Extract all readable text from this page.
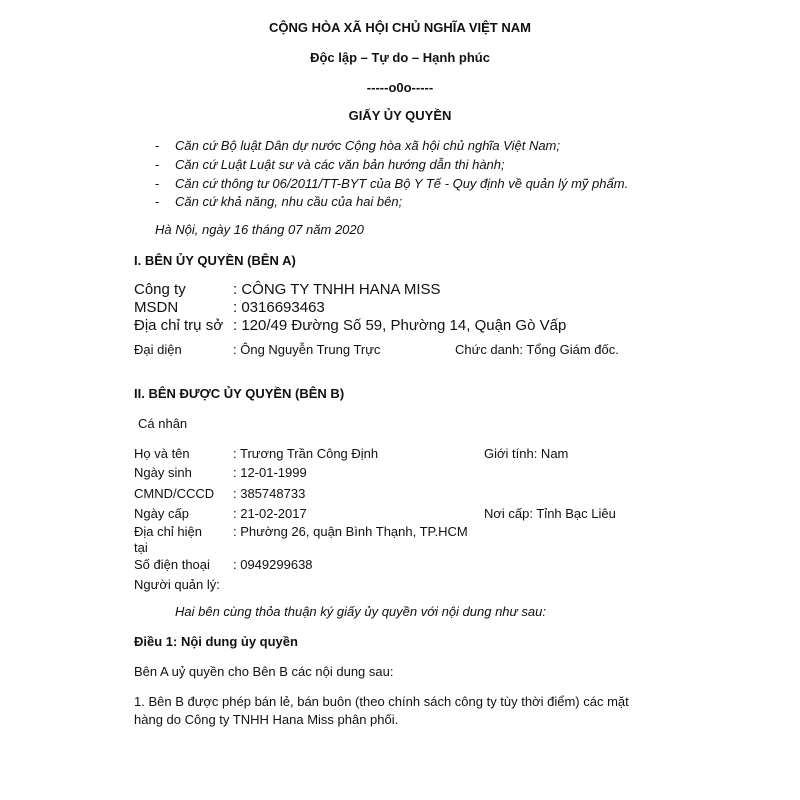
CỘNG HÒA XÃ HỘI CHỦ NGHĨA VIỆT NAM
Độc lập – Tự do – Hạnh phúc
-----o0o-----
GIẤY ỦY QUYỀN
- Căn cứ Bộ luật Dân dự nước Cộng hòa xã hội chủ nghĩa Việt Nam;
- Căn cứ Luật Luật sư và các văn bản hướng dẫn thi hành;
- Căn cứ thông tư 06/2011/TT-BYT của Bộ Y Tế - Quy định về quản lý mỹ phẩm.
- Căn cứ khả năng, nhu cầu của hai bên;
Hà Nội, ngày 16 tháng 07 năm 2020
I. BÊN ỦY QUYỀN (BÊN A)
Công ty	: CÔNG TY TNHH HANA MISS
MSDN	: 0316693463
Địa chỉ trụ sở : 120/49 Đường Số 59, Phường 14, Quận Gò Vấp
Đại diện	: Ông Nguyễn Trung Trực	Chức danh: Tổng Giám đốc.
II. BÊN ĐƯỢC ỦY QUYỀN (BÊN B)
Cá nhân
Họ và tên	: Trương Trần Công Định	Giới tính: Nam
Ngày sinh	: 12-01-1999
CMND/CCCD : 385748733
Ngày cấp	: 21-02-2017	Nơi cấp: Tỉnh Bạc Liêu
Địa chỉ hiện
tại
: Phường 26, quận Bình Thạnh, TP.HCM
Số điện thoại : 0949299638
Người quản lý:
Hai bên cùng thỏa thuận ký giấy ủy quyền với nội dung như sau:
Điều 1: Nội dung ủy quyền
Bên A uỷ quyền cho Bên B các nội dung sau:
1. Bên B được phép bán lẻ, bán buôn (theo chính sách công ty tùy thời điểm) các mặt
hàng do Công ty TNHH Hana Miss phân phối.
